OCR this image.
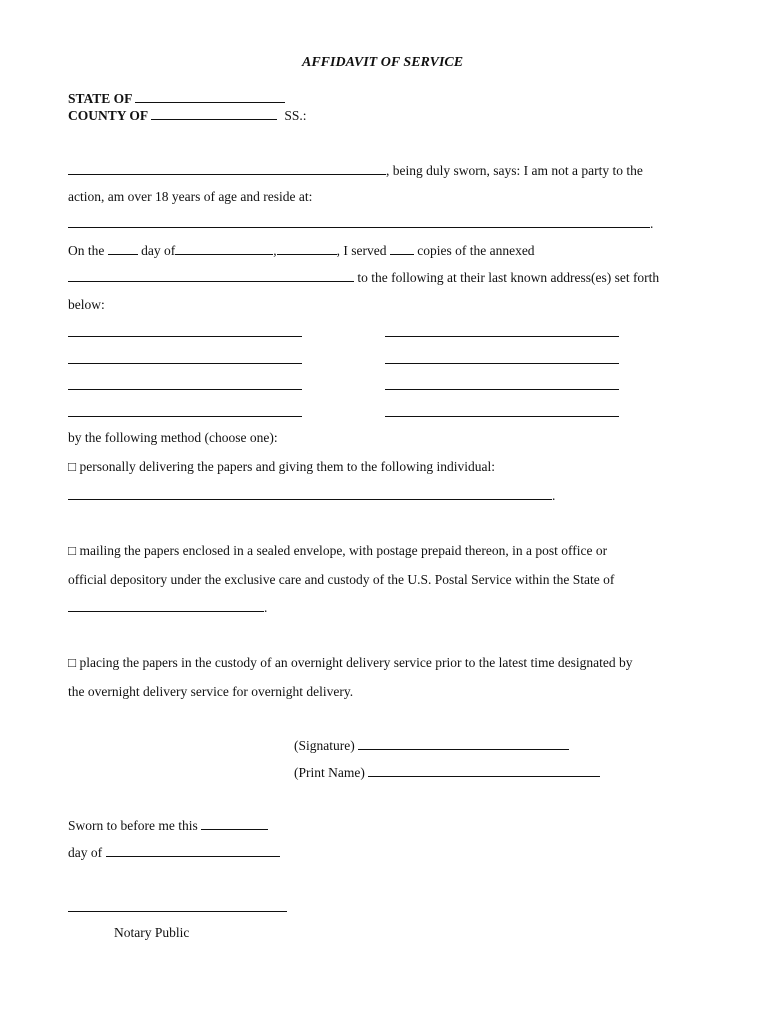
AFFIDAVIT OF SERVICE
STATE OF
COUNTY OF	SS.:
, being duly sworn, says: I am not a party to the
action, am over 18 years of age and reside at:
.
On the	day of	,	, I served copies of the annexed
to the following at their last known address(es) set forth
below:
by the following method (choose one):
□ personally delivering the papers and giving them to the following individual:
.
□ mailing the papers enclosed in a sealed envelope, with postage prepaid thereon, in a post office or
official depository under the exclusive care and custody of the U.S. Postal Service within the State of
.
□ placing the papers in the custody of an overnight delivery service prior to the latest time designated by
the overnight delivery service for overnight delivery.
(Signature)
(Print Name)
Sworn to before me this
day of
Notary Public
